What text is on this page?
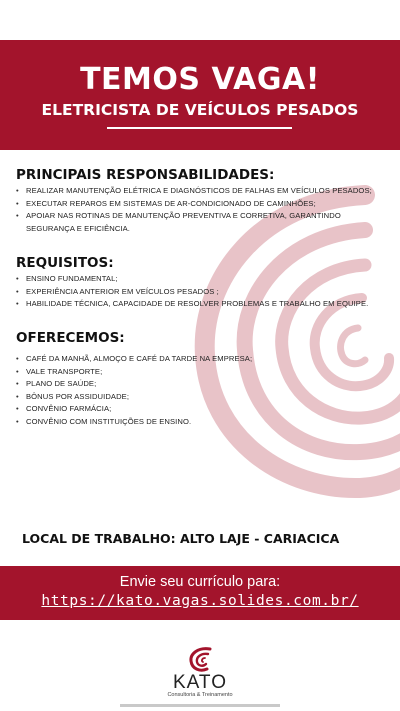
TEMOS VAGA!
ELETRICISTA DE VEÍCULOS PESADOS
PRINCIPAIS RESPONSABILIDADES:
• REALIZAR MANUTENÇÃO ELÉTRICA E DIAGNÓSTICOS DE FALHAS EM VEÍCULOS PESADOS;
• EXECUTAR REPAROS EM SISTEMAS DE AR-CONDICIONADO DE CAMINHÕES;
• APOIAR NAS ROTINAS DE MANUTENÇÃO PREVENTIVA E CORRETIVA, GARANTINDO SEGURANÇA E EFICIÊNCIA.
REQUISITOS:
• ENSINO FUNDAMENTAL;
• EXPERIÊNCIA ANTERIOR EM VEÍCULOS PESADOS ;
• HABILIDADE TÉCNICA, CAPACIDADE DE RESOLVER PROBLEMAS E TRABALHO EM EQUIPE.
OFERECEMOS:
• CAFÉ DA MANHÃ, ALMOÇO E CAFÉ DA TARDE NA EMPRESA;
• VALE TRANSPORTE;
• PLANO DE SAÚDE;
• BÔNUS POR ASSIDUIDADE;
• CONVÊNIO FARMÁCIA;
• CONVÊNIO COM INSTITUIÇÕES DE ENSINO.
LOCAL DE TRABALHO: ALTO LAJE - CARIACICA
Envie seu currículo para:
https://kato.vagas.solides.com.br/
KATO
Consultoria & Treinamento
